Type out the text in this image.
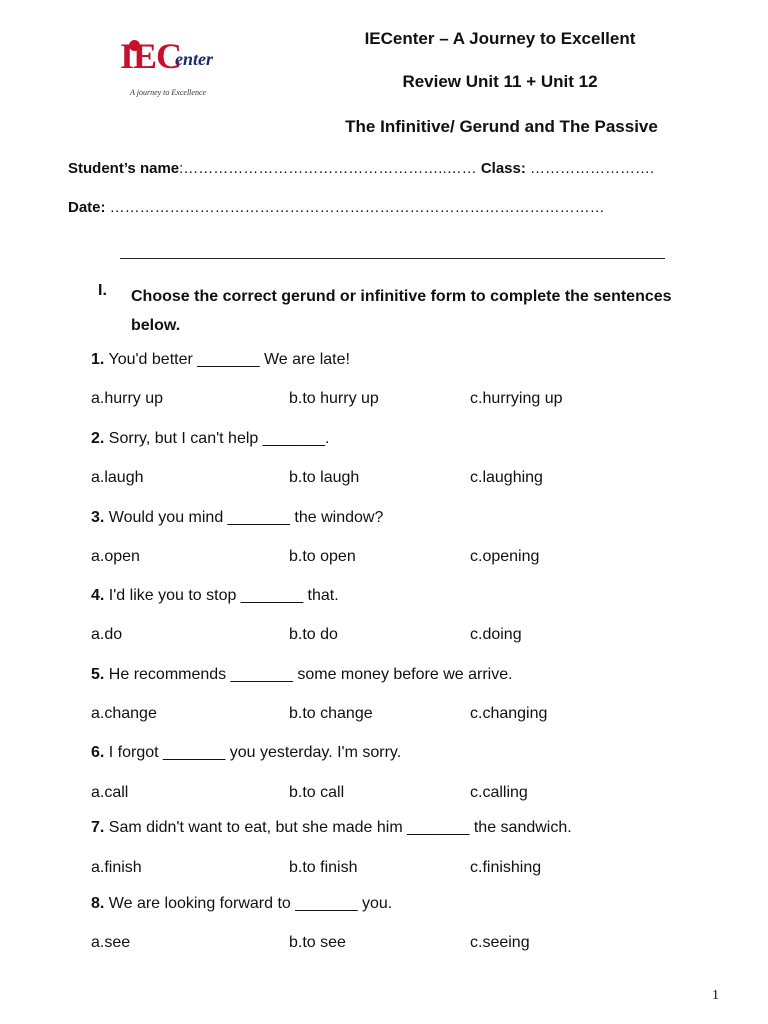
IECenter
A journey to Excellence
IECenter – A Journey to Excellent
Review Unit 11 + Unit 12
The Infinitive/ Gerund and The Passive
Student’s name:……………………………………………..…… Class: …………………….
Date: ………………………………………………………………………………………
I. Choose the correct gerund or infinitive form to complete the sentences below.
1. You'd better _______ We are late!
a.hurry up	b.to hurry up	c.hurrying up
2. Sorry, but I can't help _______.
a.laugh	b.to laugh	c.laughing
3. Would you mind _______ the window?
a.open	b.to open	c.opening
4. I'd like you to stop _______ that.
a.do	b.to do	c.doing
5. He recommends _______ some money before we arrive.
a.change	b.to change	c.changing
6. I forgot _______ you yesterday. I'm sorry.
a.call	b.to call	c.calling
7. Sam didn't want to eat, but she made him _______ the sandwich.
a.finish	b.to finish	c.finishing
8. We are looking forward to _______ you.
a.see	b.to see	c.seeing
1
